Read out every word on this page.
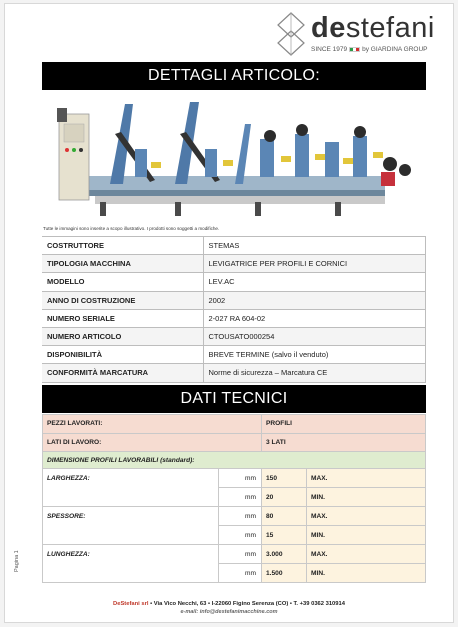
destefani
SINCE 1979 by GIARDINA GROUP
DETTAGLI ARTICOLO:
Tutte le immagini sono inserite a scopo illustrativo. I prodotti sono soggetti a modifiche.
COSTRUTTORE	STEMAS
TIPOLOGIA MACCHINA	LEVIGATRICE PER PROFILI E CORNICI
MODELLO	LEV.AC
ANNO DI COSTRUZIONE	2002
NUMERO SERIALE	2-027 RA 604-02
NUMERO ARTICOLO	CTOUSATO000254
DISPONIBILITÀ	BREVE TERMINE (salvo il venduto)
CONFORMITÀ MARCATURA	Norme di sicurezza – Marcatura CE
DATI TECNICI
PEZZI LAVORATI:		PROFILI	
LATI DI LAVORO:		3 LATI	
DIMENSIONE PROFILI LAVORABILI (standard):			
LARGHEZZA:	mm	150	MAX.
	mm	20	MIN.
SPESSORE:	mm	80	MAX.
	mm	15	MIN.
LUNGHEZZA:	mm	3.000	MAX.
	mm	1.500	MIN.
Pagina 1
DeStefani srl • Via Vico Necchi, 63 • I-22060 Figino Serenza (CO) • T. +39 0362 310914
e-mail: info@destefanimacchine.com
